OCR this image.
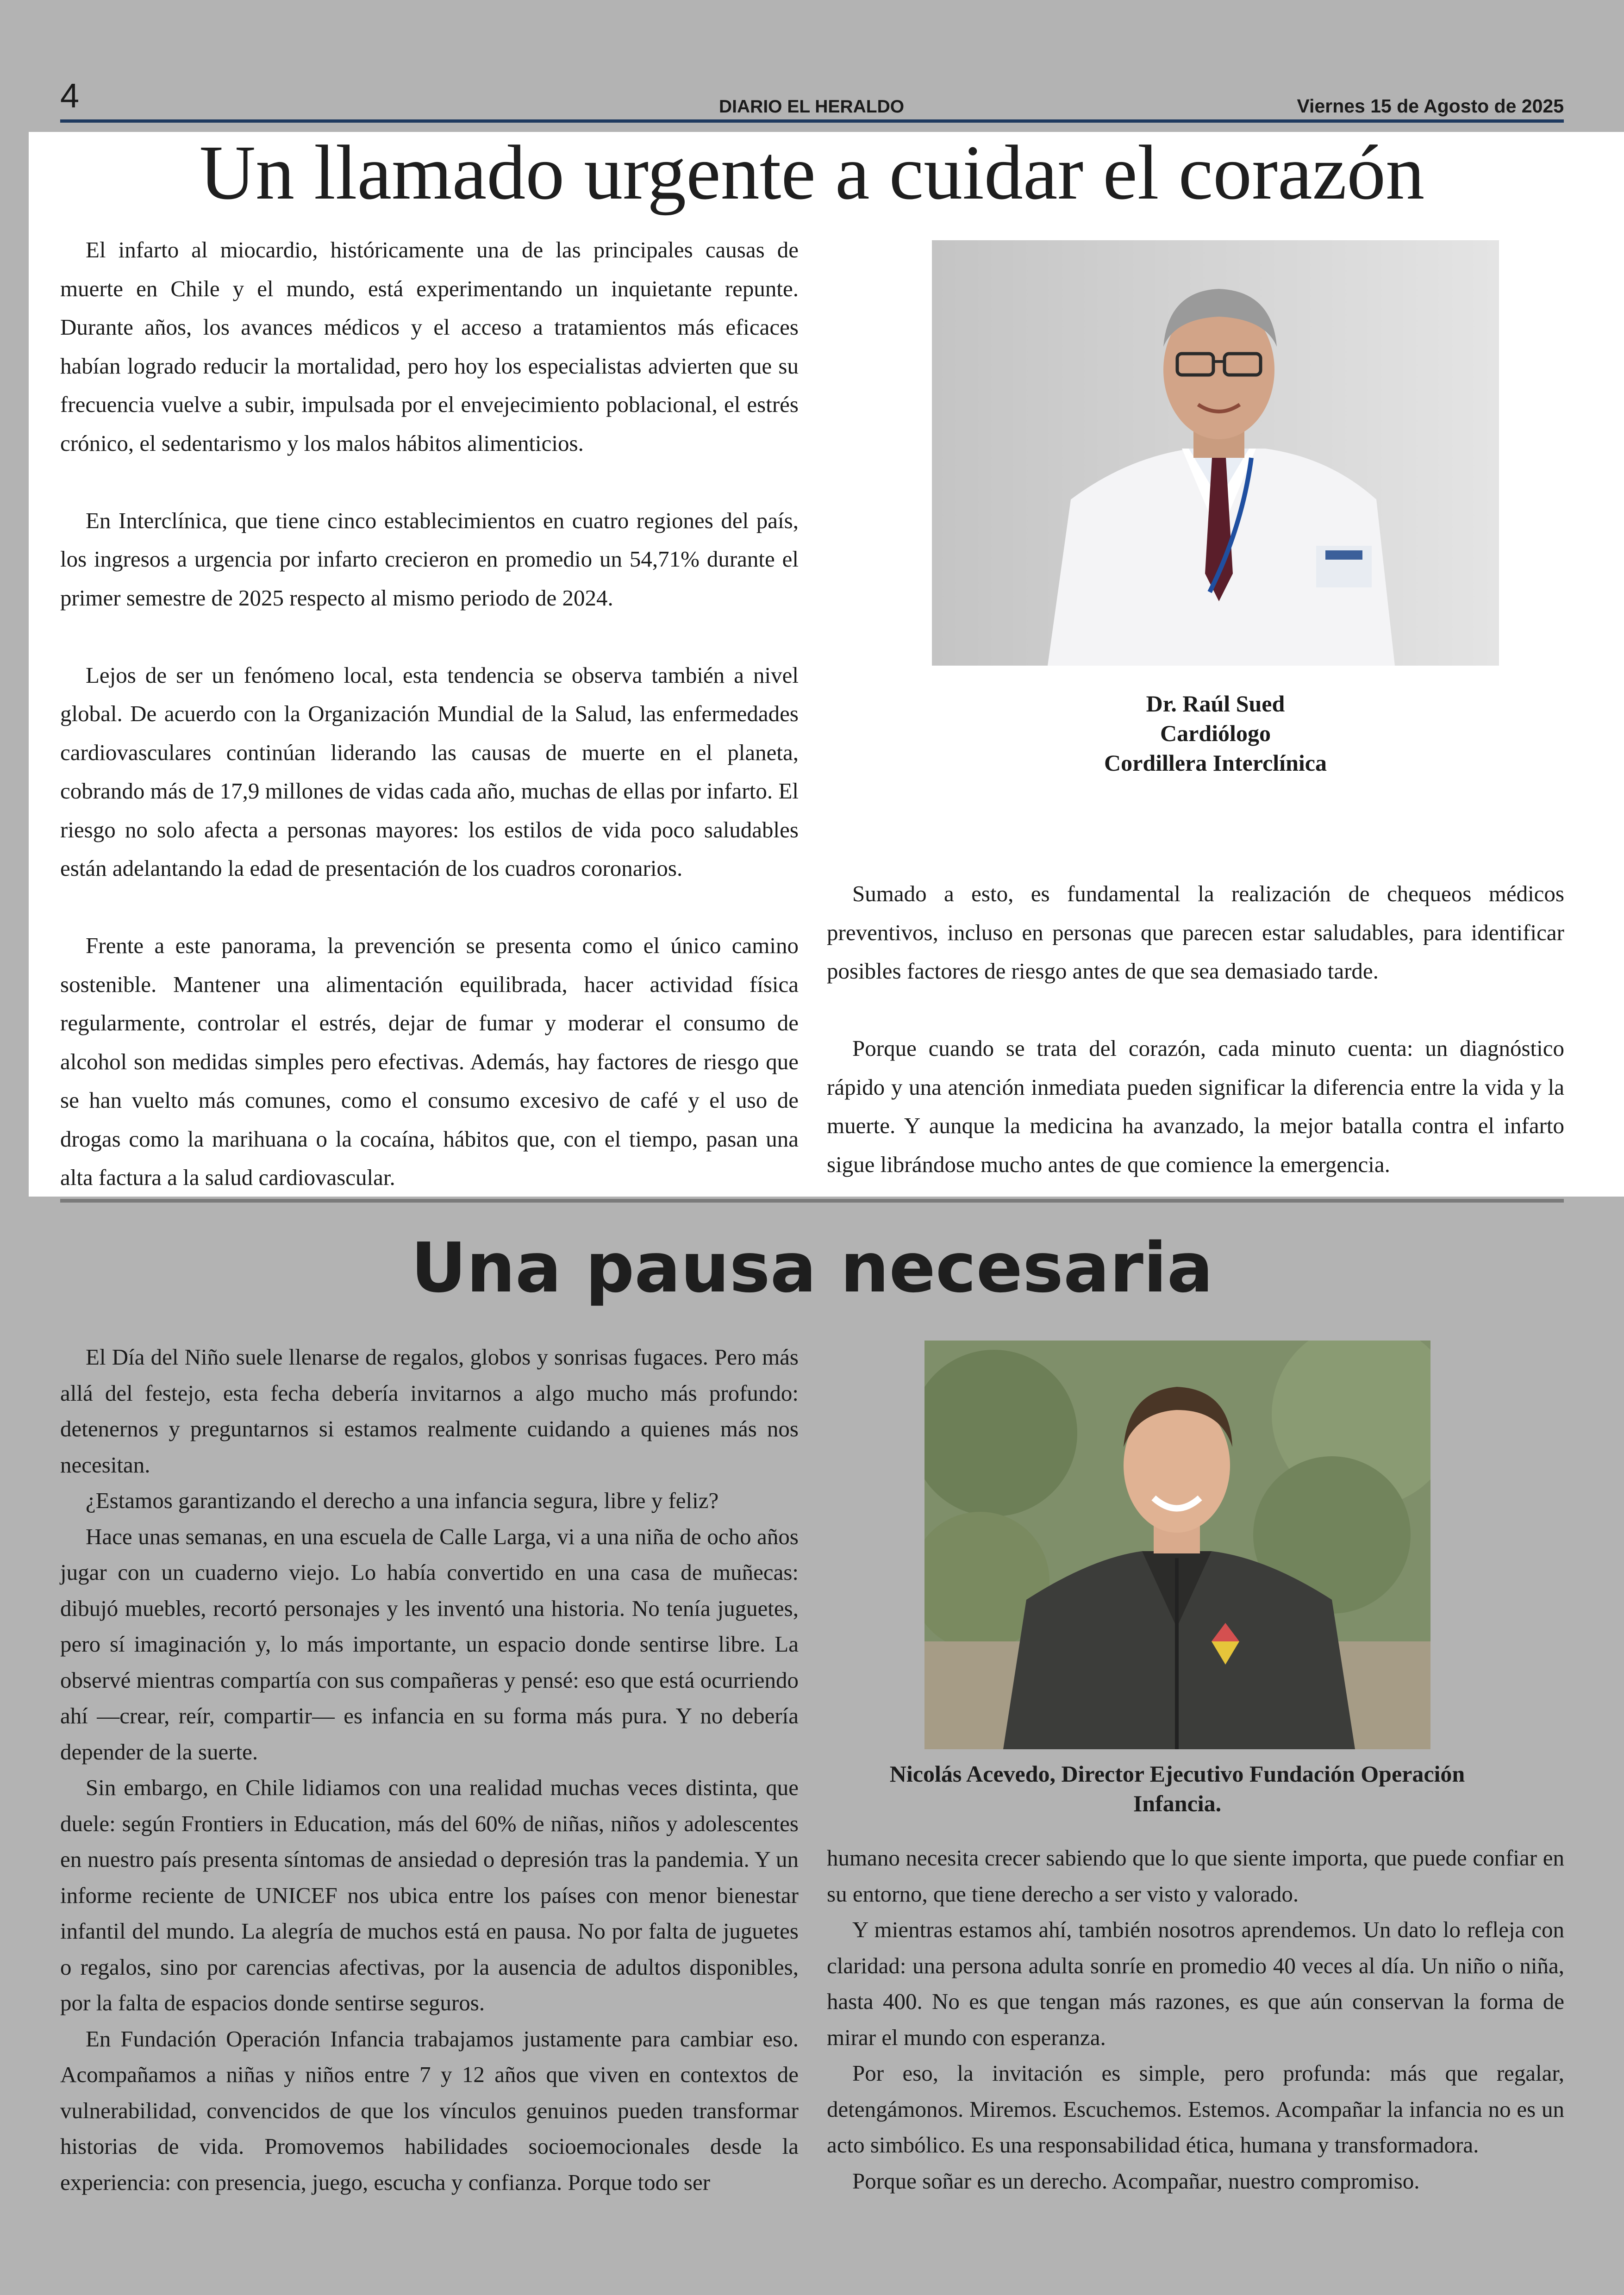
4	DIARIO EL HERALDO	Viernes 15 de Agosto de 2025
Un llamado urgente a cuidar el corazón

El infarto al miocardio, históricamente una de las principales causas de muerte en Chile y el mundo, está experimentando un inquietante repunte. Durante años, los avances médicos y el acceso a tratamientos más eficaces habían logrado reducir la mortalidad, pero hoy los especialistas advierten que su frecuencia vuelve a subir, impulsada por el envejecimiento poblacional, el estrés crónico, el sedentarismo y los malos hábitos alimenticios.

En Interclínica, que tiene cinco establecimientos en cuatro regiones del país, los ingresos a urgencia por infarto crecieron en promedio un 54,71% durante el primer semestre de 2025 respecto al mismo periodo de 2024.

Lejos de ser un fenómeno local, esta tendencia se observa también a nivel global. De acuerdo con la Organización Mundial de la Salud, las enfermedades cardiovasculares continúan liderando las causas de muerte en el planeta, cobrando más de 17,9 millones de vidas cada año, muchas de ellas por infarto. El riesgo no solo afecta a personas mayores: los estilos de vida poco saludables están adelantando la edad de presentación de los cuadros coronarios.

Frente a este panorama, la prevención se presenta como el único camino sostenible. Mantener una alimentación equilibrada, hacer actividad física regularmente, controlar el estrés, dejar de fumar y moderar el consumo de alcohol son medidas simples pero efectivas. Además, hay factores de riesgo que se han vuelto más comunes, como el consumo excesivo de café y el uso de drogas como la marihuana o la cocaína, hábitos que, con el tiempo, pasan una alta factura a la salud cardiovascular.

Dr. Raúl Sued
Cardiólogo
Cordillera Interclínica

Sumado a esto, es fundamental la realización de chequeos médicos preventivos, incluso en personas que parecen estar saludables, para identificar posibles factores de riesgo antes de que sea demasiado tarde.

Porque cuando se trata del corazón, cada minuto cuenta: un diagnóstico rápido y una atención inmediata pueden significar la diferencia entre la vida y la muerte. Y aunque la medicina ha avanzado, la mejor batalla contra el infarto sigue librándose mucho antes de que comience la emergencia.

Una pausa necesaria

El Día del Niño suele llenarse de regalos, globos y sonrisas fugaces. Pero más allá del festejo, esta fecha debería invitarnos a algo mucho más profundo: detenernos y preguntarnos si estamos realmente cuidando a quienes más nos necesitan.

¿Estamos garantizando el derecho a una infancia segura, libre y feliz?

Hace unas semanas, en una escuela de Calle Larga, vi a una niña de ocho años jugar con un cuaderno viejo. Lo había convertido en una casa de muñecas: dibujó muebles, recortó personajes y les inventó una historia. No tenía juguetes, pero sí imaginación y, lo más importante, un espacio donde sentirse libre. La observé mientras compartía con sus compañeras y pensé: eso que está ocurriendo ahí —crear, reír, compartir— es infancia en su forma más pura. Y no debería depender de la suerte.

Sin embargo, en Chile lidiamos con una realidad muchas veces distinta, que duele: según Frontiers in Education, más del 60% de niñas, niños y adolescentes en nuestro país presenta síntomas de ansiedad o depresión tras la pandemia. Y un informe reciente de UNICEF nos ubica entre los países con menor bienestar infantil del mundo. La alegría de muchos está en pausa. No por falta de juguetes o regalos, sino por carencias afectivas, por la ausencia de adultos disponibles, por la falta de espacios donde sentirse seguros.

En Fundación Operación Infancia trabajamos justamente para cambiar eso. Acompañamos a niñas y niños entre 7 y 12 años que viven en contextos de vulnerabilidad, convencidos de que los vínculos genuinos pueden transformar historias de vida. Promovemos habilidades socioemocionales desde la experiencia: con presencia, juego, escucha y confianza. Porque todo ser

Nicolás Acevedo, Director Ejecutivo Fundación Operación Infancia.

humano necesita crecer sabiendo que lo que siente importa, que puede confiar en su entorno, que tiene derecho a ser visto y valorado.

Y mientras estamos ahí, también nosotros aprendemos. Un dato lo refleja con claridad: una persona adulta sonríe en promedio 40 veces al día. Un niño o niña, hasta 400. No es que tengan más razones, es que aún conservan la forma de mirar el mundo con esperanza.

Por eso, la invitación es simple, pero profunda: más que regalar, detengámonos. Miremos. Escuchemos. Estemos. Acompañar la infancia no es un acto simbólico. Es una responsabilidad ética, humana y transformadora.

Porque soñar es un derecho. Acompañar, nuestro compromiso.
